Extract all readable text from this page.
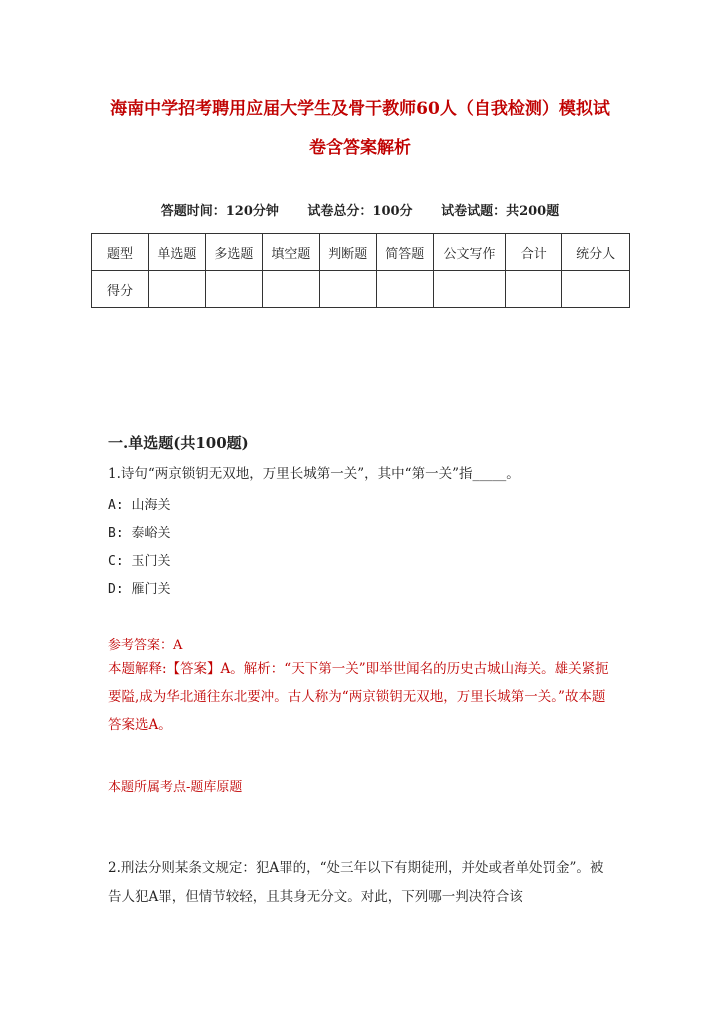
海南中学招考聘用应届大学生及骨干教师60人（自我检测）模拟试
卷含答案解析
答题时间：120分钟 试卷总分：100分 试卷试题：共200题
题型	单选题	多选题	填空题	判断题	简答题	公文写作	合计	统分人
得分								
一.单选题(共100题)
1.诗句“两京锁钥无双地，万里长城第一关”，其中“第一关”指_____。
A: 山海关
B: 泰峪关
C: 玉门关
D: 雁门关
参考答案：A
本题解释:【答案】A。解析：“天下第一关”即举世闻名的历史古城山海关。雄关紧扼要隘,成为华北通往东北要冲。古人称为“两京锁钥无双地，万里长城第一关。”故本题答案选A。
本题所属考点-题库原题
2.刑法分则某条文规定：犯A罪的，“处三年以下有期徒刑，并处或者单处罚金”。被告人犯A罪，但情节较轻，且其身无分文。对此，下列哪一判决符合该
